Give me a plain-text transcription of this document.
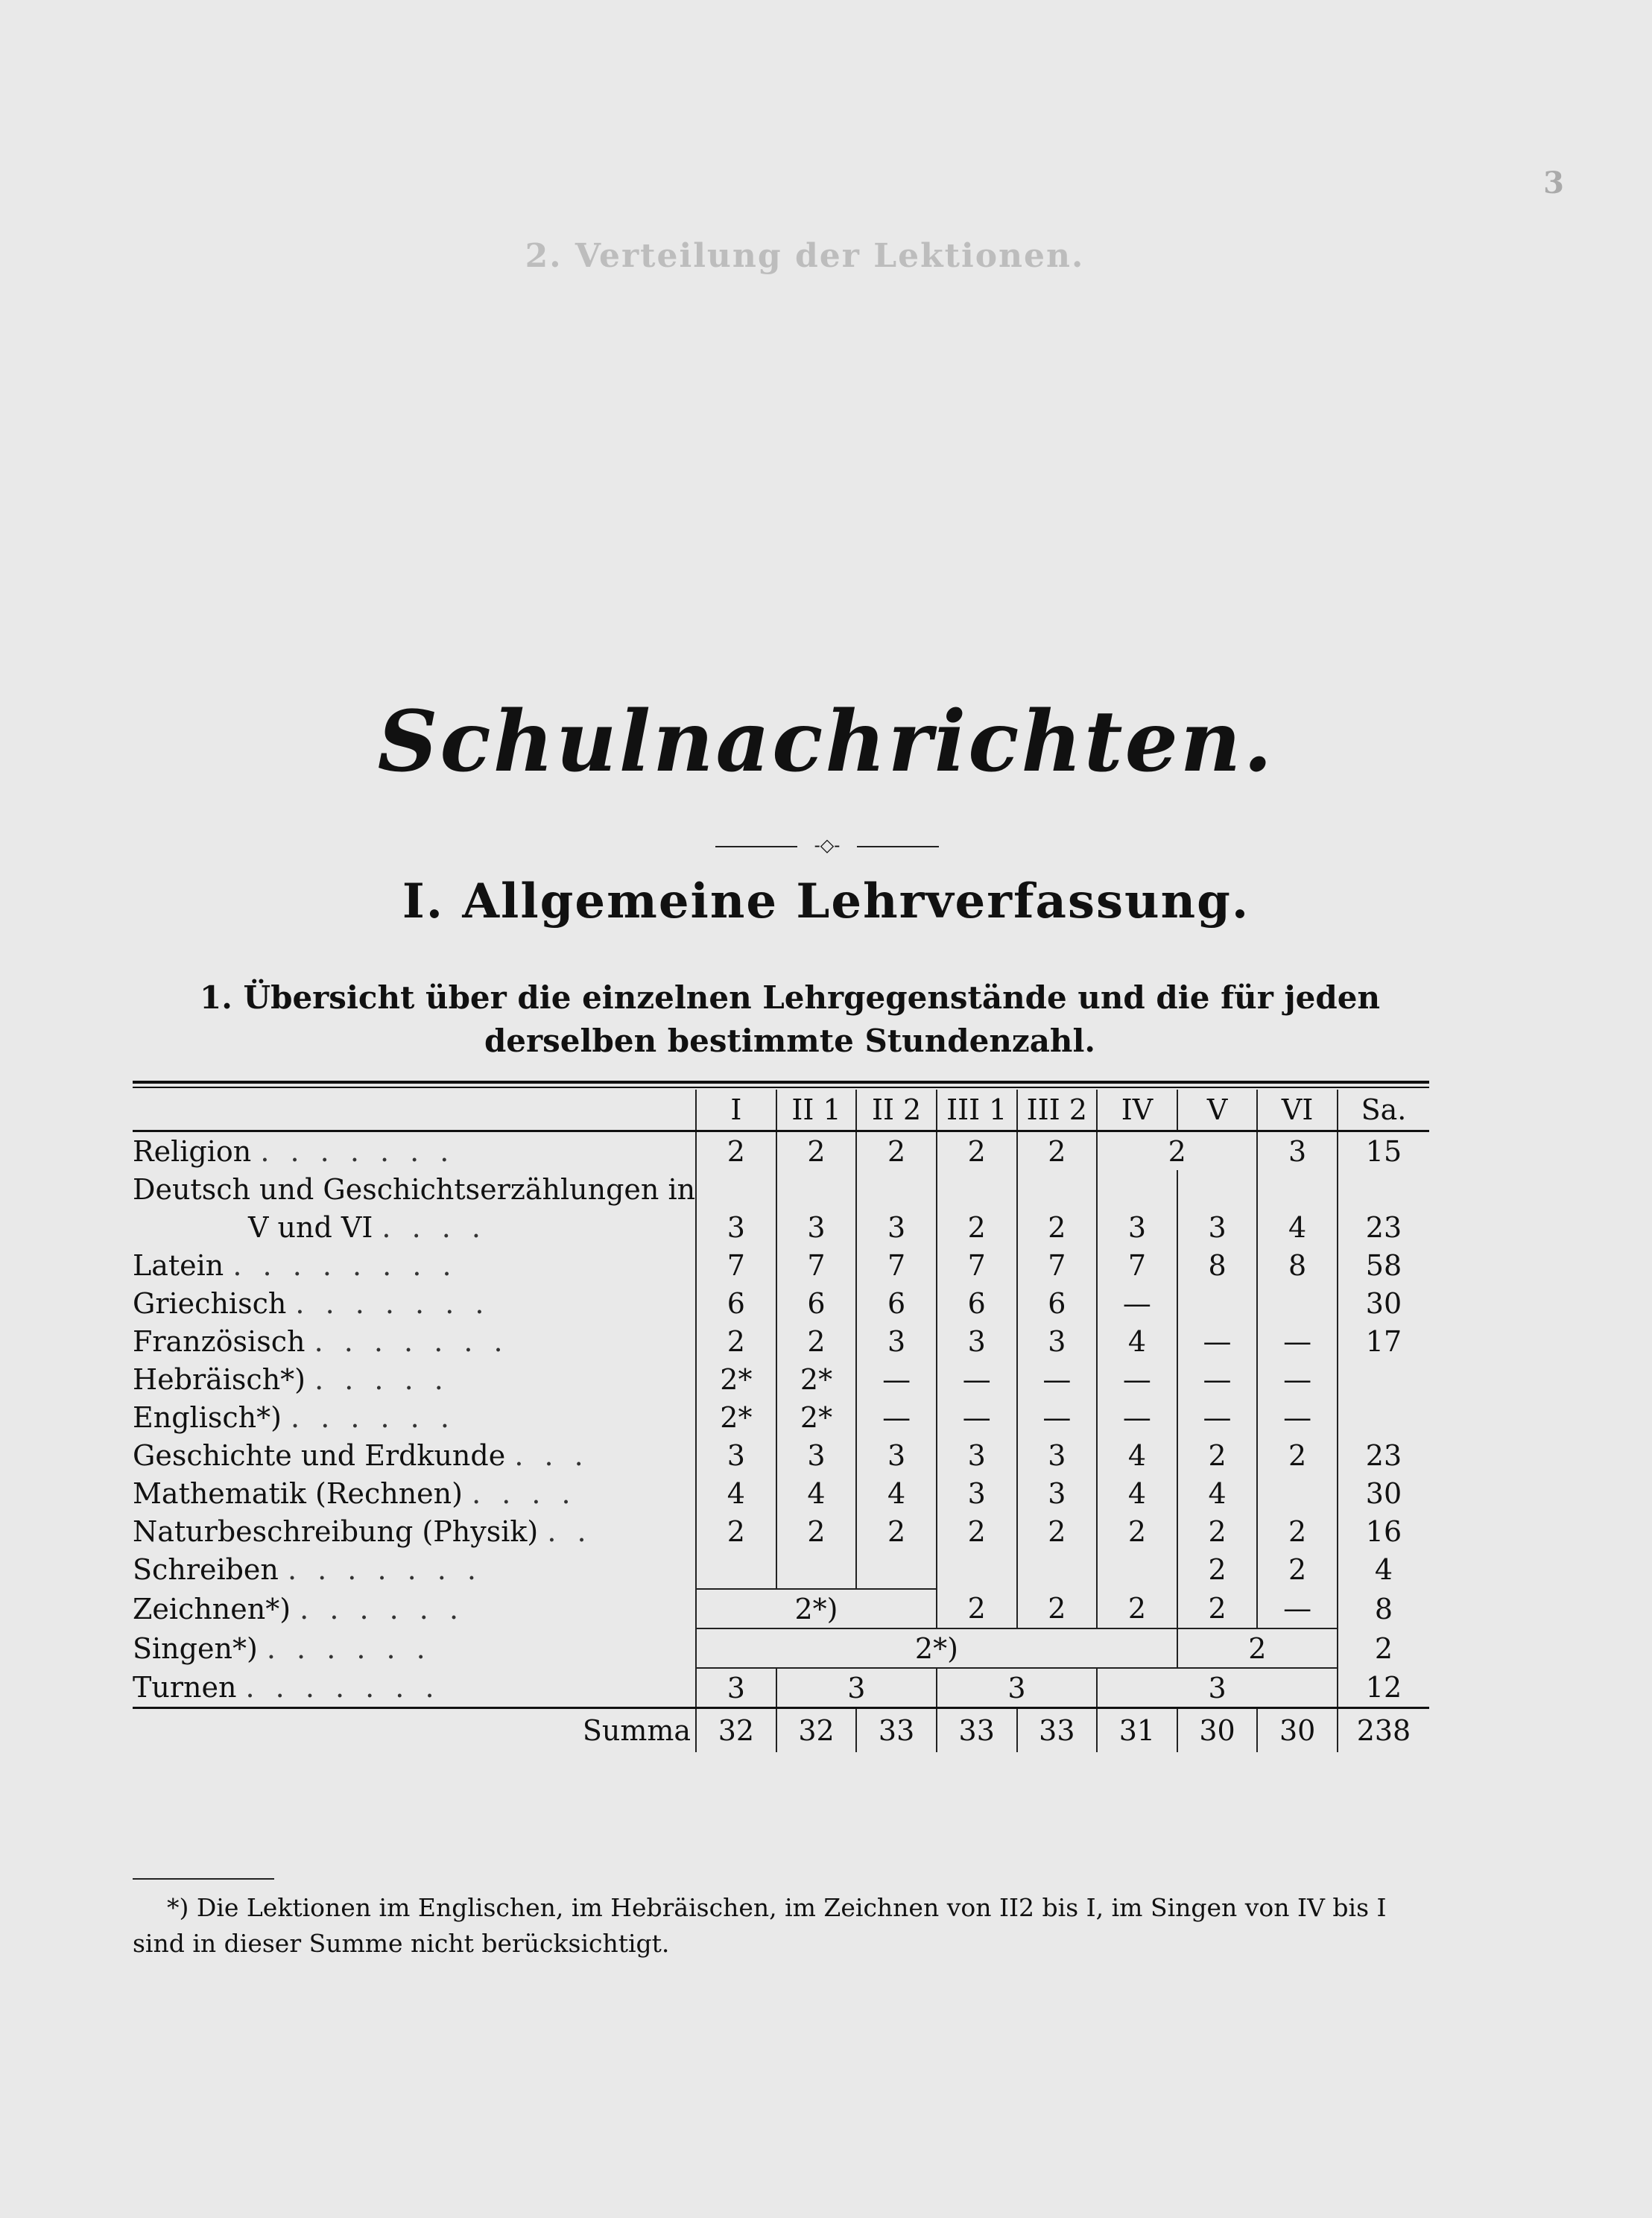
3
2. Verteilung der Lektionen.
Schulnachrichten.
-◇-
I. Allgemeine Lehrverfassung.
1. Übersicht über die einzelnen Lehrgegenstände und die für jeden derselben bestimmte Stundenzahl.
	I	II 1	II 2	III 1	III 2	IV	V	VI	Sa.
Religion . . . . . . .	2	2	2	2	2	2		3	15
Deutsch und Geschichtserzählungen in									
V und VI . . . .	3	3	3	2	2	3	3	4	23
Latein . . . . . . . .	7	7	7	7	7	7	8	8	58
Griechisch . . . . . . .	6	6	6	6	6	—			30
Französisch . . . . . . .	2	2	3	3	3	4	—	—	17
Hebräisch*) . . . . .	2*	2*	—	—	—	—	—	—	
Englisch*) . . . . . .	2*	2*	—	—	—	—	—	—	
Geschichte und Erdkunde . . .	3	3	3	3	3	4	2	2	23
Mathematik (Rechnen) . . . .	4	4	4	3	3	4	4		30
Naturbeschreibung (Physik) . .	2	2	2	2	2	2	2	2	16
Schreiben . . . . . . .							2	2	4
Zeichnen*) . . . . . .	2*)			2	2	2	2	—	8
Singen*) . . . . . .	2*)						2		2
Turnen . . . . . . .	3	3		3		3			12
Summa	32	32	33	33	33	31	30	30	238
*) Die Lektionen im Englischen, im Hebräischen, im Zeichnen von II2 bis I, im Singen von IV bis I sind in dieser Summe nicht berücksichtigt.
